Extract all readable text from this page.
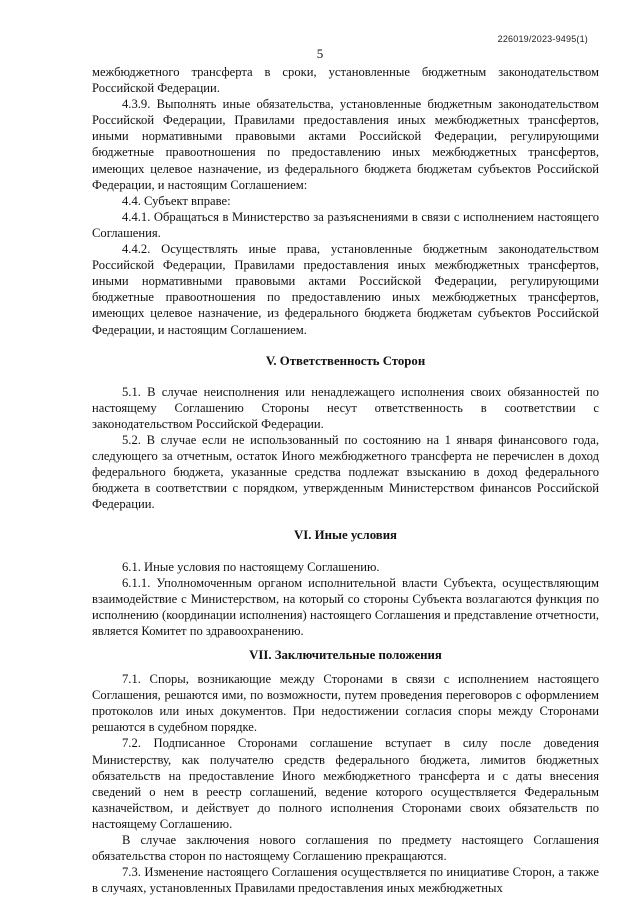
226019/2023-9495(1)
5

межбюджетного трансферта в сроки, установленные бюджетным законодательством Российской Федерации.

4.3.9. Выполнять иные обязательства, установленные бюджетным законодательством Российской Федерации, Правилами предоставления иных межбюджетных трансфертов, иными нормативными правовыми актами Российской Федерации, регулирующими бюджетные правоотношения по предоставлению иных межбюджетных трансфертов, имеющих целевое назначение, из федерального бюджета бюджетам субъектов Российской Федерации, и настоящим Соглашением:

4.4. Субъект вправе:

4.4.1. Обращаться в Министерство за разъяснениями в связи с исполнением настоящего Соглашения.

4.4.2. Осуществлять иные права, установленные бюджетным законодательством Российской Федерации, Правилами предоставления иных межбюджетных трансфертов, иными нормативными правовыми актами Российской Федерации, регулирующими бюджетные правоотношения по предоставлению иных межбюджетных трансфертов, имеющих целевое назначение, из федерального бюджета бюджетам субъектов Российской Федерации, и настоящим Соглашением.

V. Ответственность Сторон

5.1. В случае неисполнения или ненадлежащего исполнения своих обязанностей по настоящему Соглашению Стороны несут ответственность в соответствии с законодательством Российской Федерации.

5.2. В случае если не использованный по состоянию на 1 января финансового года, следующего за отчетным, остаток Иного межбюджетного трансферта не перечислен в доход федерального бюджета, указанные средства подлежат взысканию в доход федерального бюджета в соответствии с порядком, утвержденным Министерством финансов Российской Федерации.

VI. Иные условия

6.1. Иные условия по настоящему Соглашению.

6.1.1. Уполномоченным органом исполнительной власти Субъекта, осуществляющим взаимодействие с Министерством, на который со стороны Субъекта возлагаются функция по исполнению (координации исполнения) настоящего Соглашения и представление отчетности, является Комитет по здравоохранению.

VII. Заключительные положения

7.1. Споры, возникающие между Сторонами в связи с исполнением настоящего Соглашения, решаются ими, по возможности, путем проведения переговоров с оформлением протоколов или иных документов. При недостижении согласия споры между Сторонами решаются в судебном порядке.

7.2. Подписанное Сторонами соглашение вступает в силу после доведения Министерству, как получателю средств федерального бюджета, лимитов бюджетных обязательств на предоставление Иного межбюджетного трансферта и с даты внесения сведений о нем в реестр соглашений, ведение которого осуществляется Федеральным казначейством, и действует до полного исполнения Сторонами своих обязательств по настоящему Соглашению.

В случае заключения нового соглашения по предмету настоящего Соглашения обязательства сторон по настоящему Соглашению прекращаются.

7.3. Изменение настоящего Соглашения осуществляется по инициативе Сторон, а также в случаях, установленных Правилами предоставления иных межбюджетных
